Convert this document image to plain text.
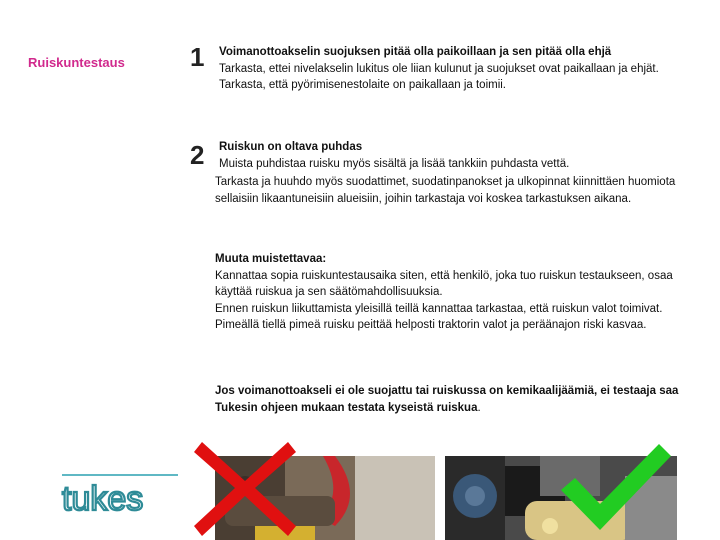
Ruiskuntestaus	1 Voimanottoakselin suojuksen pitää olla paikoillaan ja sen pitää olla ehjä

Tarkasta, ettei nivelakselin lukitus ole liian kulunut ja suojukset ovat paikallaan ja ehjät.

Tarkasta, että pyörimisenestolaite on paikallaan ja toimii.

2 Ruiskun on oltava puhdas

Muista puhdistaa ruisku myös sisältä ja lisää tankkiin puhdasta vettä.

Tarkasta ja huuhdo myös suodattimet, suodatinpanokset ja ulkopinnat kiinnittäen huomiota sellaisiin likaantuneisiin alueisiin, joihin tarkastaja voi koskea tarkastuksen aikana.

Muuta muistettavaa:

Kannattaa sopia ruiskuntestausaika siten, että henkilö, joka tuo ruiskun testaukseen, osaa käyttää ruiskua ja sen säätömahdollisuuksia.

Ennen ruiskun liikuttamista yleisillä teillä kannattaa tarkastaa, että ruiskun valot toimivat. Pimeällä tiellä pimeä ruisku peittää helposti traktorin valot ja peräänajon riski kasvaa.

Jos voimanottoakseli ei ole suojattu tai ruiskussa on kemikaalijäämiä, ei testaaja saa Tukesin ohjeen mukaan testata kyseistä ruiskua.

tukes
